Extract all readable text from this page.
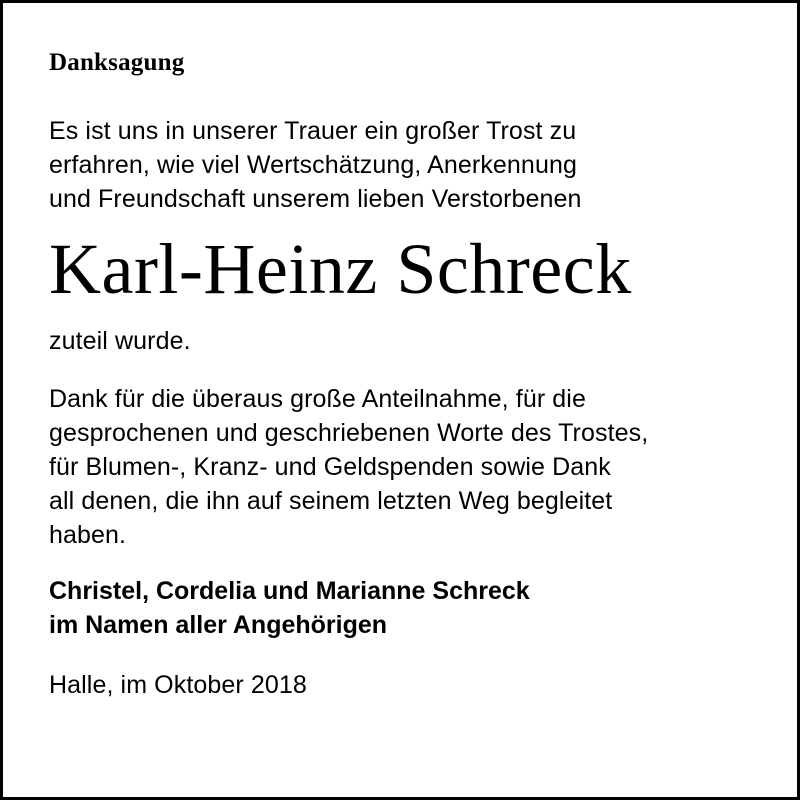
Danksagung

Es ist uns in unserer Trauer ein großer Trost zu
erfahren, wie viel Wertschätzung, Anerkennung
und Freundschaft unserem lieben Verstorbenen

Karl-Heinz Schreck

zuteil wurde.

Dank für die überaus große Anteilnahme, für die
gesprochenen und geschriebenen Worte des Trostes,
für Blumen-, Kranz- und Geldspenden sowie Dank
all denen, die ihn auf seinem letzten Weg begleitet
haben.

Christel, Cordelia und Marianne Schreck
im Namen aller Angehörigen

Halle, im Oktober 2018
